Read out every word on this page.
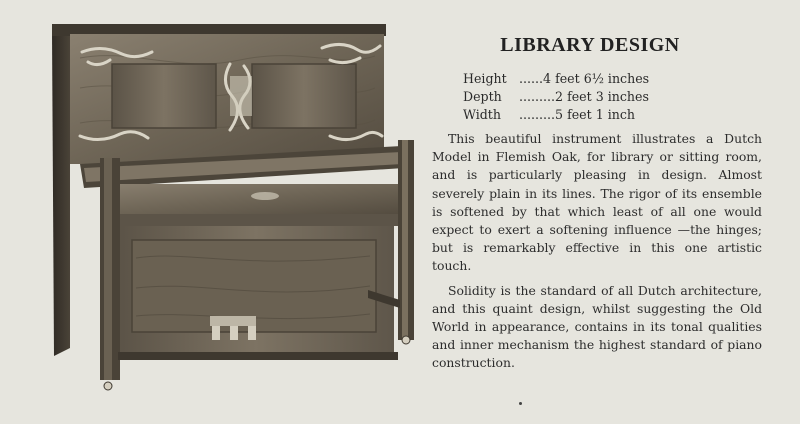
LIBRARY DESIGN
Height ......4 feet 6½ inches
Depth .........2 feet 3 inches
Width .........5 feet 1 inch

This beautiful instrument illustrates a Dutch Model in Flemish Oak, for library or sitting room, and is particularly pleasing in design. Almost severely plain in its lines. The rigor of its ensemble is softened by that which least of all one would expect to exert a softening influence —the hinges; but is remarkably effective in this one artistic touch.

Solidity is the standard of all Dutch architecture, and this quaint design, whilst suggesting the Old World in appearance, contains in its tonal qualities and inner mechanism the highest standard of piano construction.
